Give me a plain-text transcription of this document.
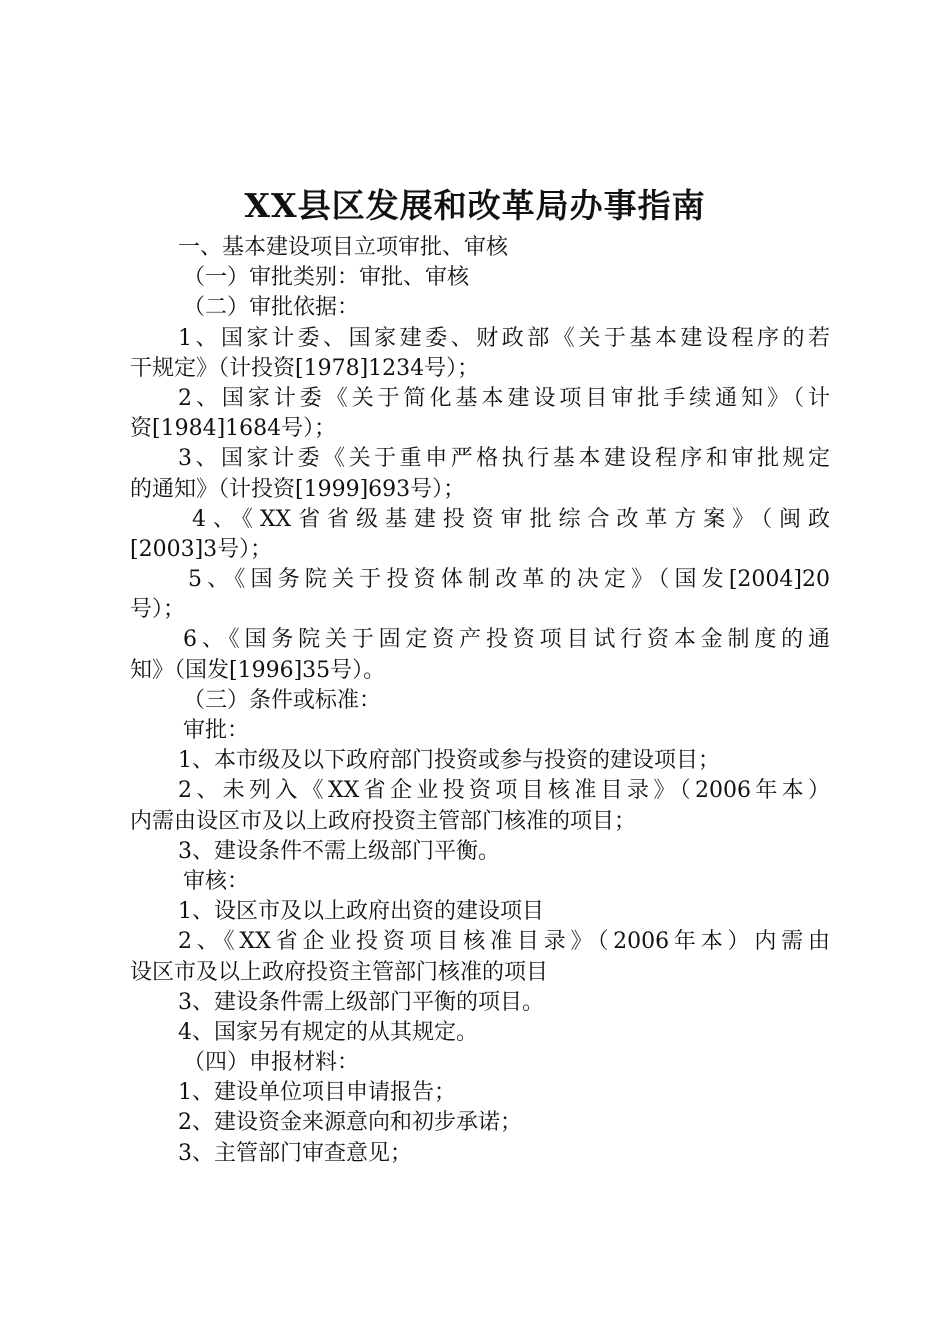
XX县区发展和改革局办事指南
一、基本建设项目立项审批、审核
（一）审批类别：审批、审核
（二）审批依据：
1、国家计委、国家建委、财政部《关于基本建设程序的若
干规定》（计投资[1978]1234号）；
2、国家计委《关于简化基本建设项目审批手续通知》（计
资[1984]1684号）；
3、国家计委《关于重申严格执行基本建设程序和审批规定
的通知》（计投资[1999]693号）；
4、《XX省省级基建投资审批综合改革方案》（闽政
[2003]3号）；
5、《国务院关于投资体制改革的决定》（国发[2004]20
号）；
6、《国务院关于固定资产投资项目试行资本金制度的通
知》（国发[1996]35号）。
（三）条件或标准：
审批：
1、本市级及以下政府部门投资或参与投资的建设项目；
2、未列入《XX省企业投资项目核准目录》（2006年本）
内需由设区市及以上政府投资主管部门核准的项目；
3、建设条件不需上级部门平衡。
审核：
1、设区市及以上政府出资的建设项目
2、《XX省企业投资项目核准目录》（2006年本）内需由
设区市及以上政府投资主管部门核准的项目
3、建设条件需上级部门平衡的项目。
4、国家另有规定的从其规定。
（四）申报材料：
1、建设单位项目申请报告；
2、建设资金来源意向和初步承诺；
3、主管部门审查意见；
